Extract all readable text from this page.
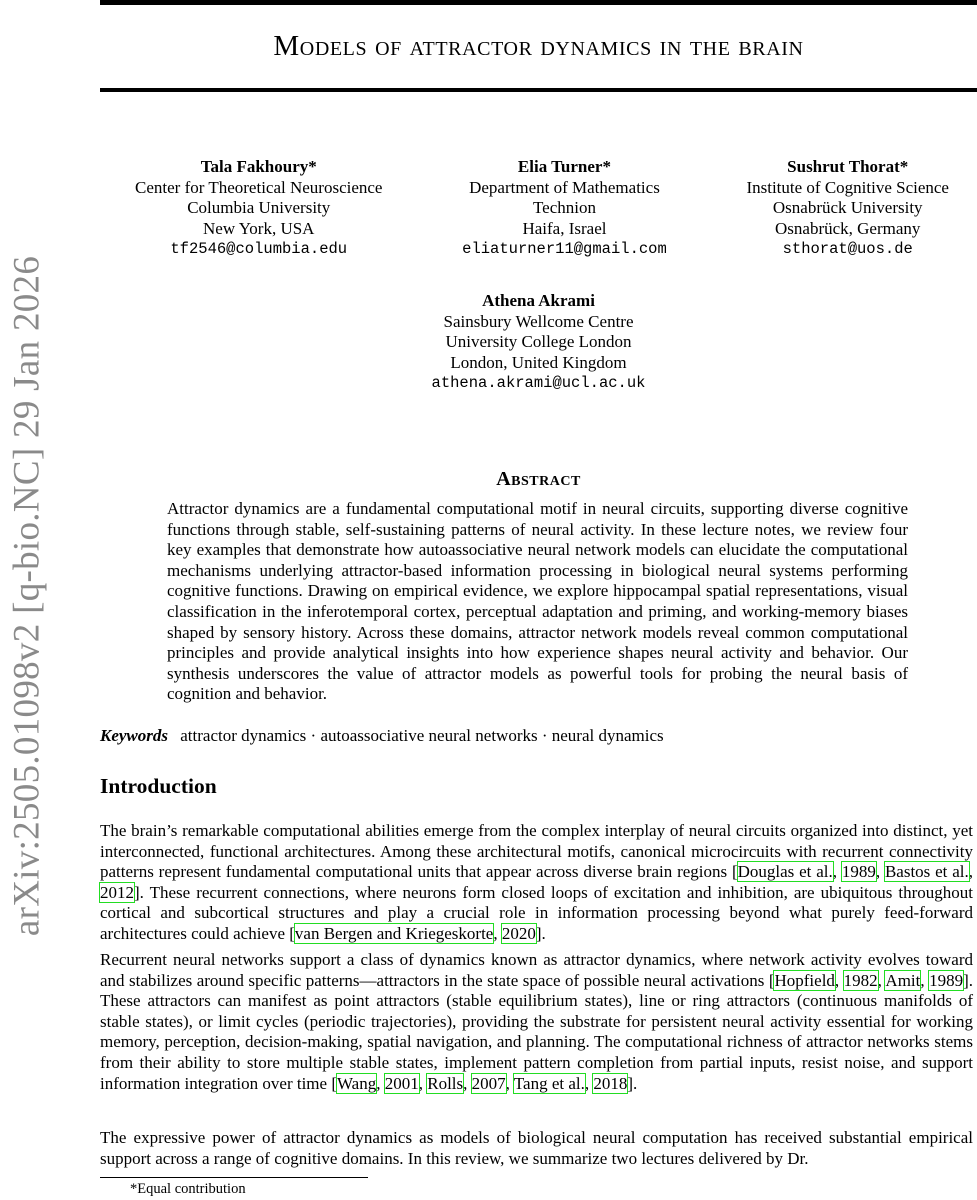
arXiv:2505.01098v2 [q-bio.NC] 29 Jan 2026
Models of attractor dynamics in the brain
Tala Fakhoury*
Center for Theoretical Neuroscience
Columbia University
New York, USA
tf2546@columbia.edu
Elia Turner*
Department of Mathematics
Technion
Haifa, Israel
eliaturner11@gmail.com
Sushrut Thorat*
Institute of Cognitive Science
Osnabrück University
Osnabrück, Germany
sthorat@uos.de
Athena Akrami
Sainsbury Wellcome Centre
University College London
London, United Kingdom
athena.akrami@ucl.ac.uk
Abstract
Attractor dynamics are a fundamental computational motif in neural circuits, supporting diverse cognitive functions through stable, self-sustaining patterns of neural activity. In these lecture notes, we review four key examples that demonstrate how autoassociative neural network models can elucidate the computational mechanisms underlying attractor-based information processing in biological neural systems performing cognitive functions. Drawing on empirical evidence, we explore hippocampal spatial representations, visual classification in the inferotemporal cortex, perceptual adaptation and priming, and working-memory biases shaped by sensory history. Across these domains, attractor network models reveal common computational principles and provide analytical insights into how experience shapes neural activity and behavior. Our synthesis underscores the value of attractor models as powerful tools for probing the neural basis of cognition and behavior.
Keywords attractor dynamics · autoassociative neural networks · neural dynamics
Introduction

The brain’s remarkable computational abilities emerge from the complex interplay of neural circuits organized into distinct, yet interconnected, functional architectures. Among these architectural motifs, canonical microcircuits with recurrent connectivity patterns represent fundamental computational units that appear across diverse brain regions [Douglas et al., 1989, Bastos et al., 2012]. These recurrent connections, where neurons form closed loops of excitation and inhibition, are ubiquitous throughout cortical and subcortical structures and play a crucial role in information processing beyond what purely feed-forward architectures could achieve [van Bergen and Kriegeskorte, 2020].

Recurrent neural networks support a class of dynamics known as attractor dynamics, where network activity evolves toward and stabilizes around specific patterns—attractors in the state space of possible neural activations [Hopfield, 1982, Amit, 1989]. These attractors can manifest as point attractors (stable equilibrium states), line or ring attractors (continuous manifolds of stable states), or limit cycles (periodic trajectories), providing the substrate for persistent neural activity essential for working memory, perception, decision-making, spatial navigation, and planning. The computational richness of attractor networks stems from their ability to store multiple stable states, implement pattern completion from partial inputs, resist noise, and support information integration over time [Wang, 2001, Rolls, 2007, Tang et al., 2018].

The expressive power of attractor dynamics as models of biological neural computation has received substantial empirical support across a range of cognitive domains. In this review, we summarize two lectures delivered by Dr.

*Equal contribution
